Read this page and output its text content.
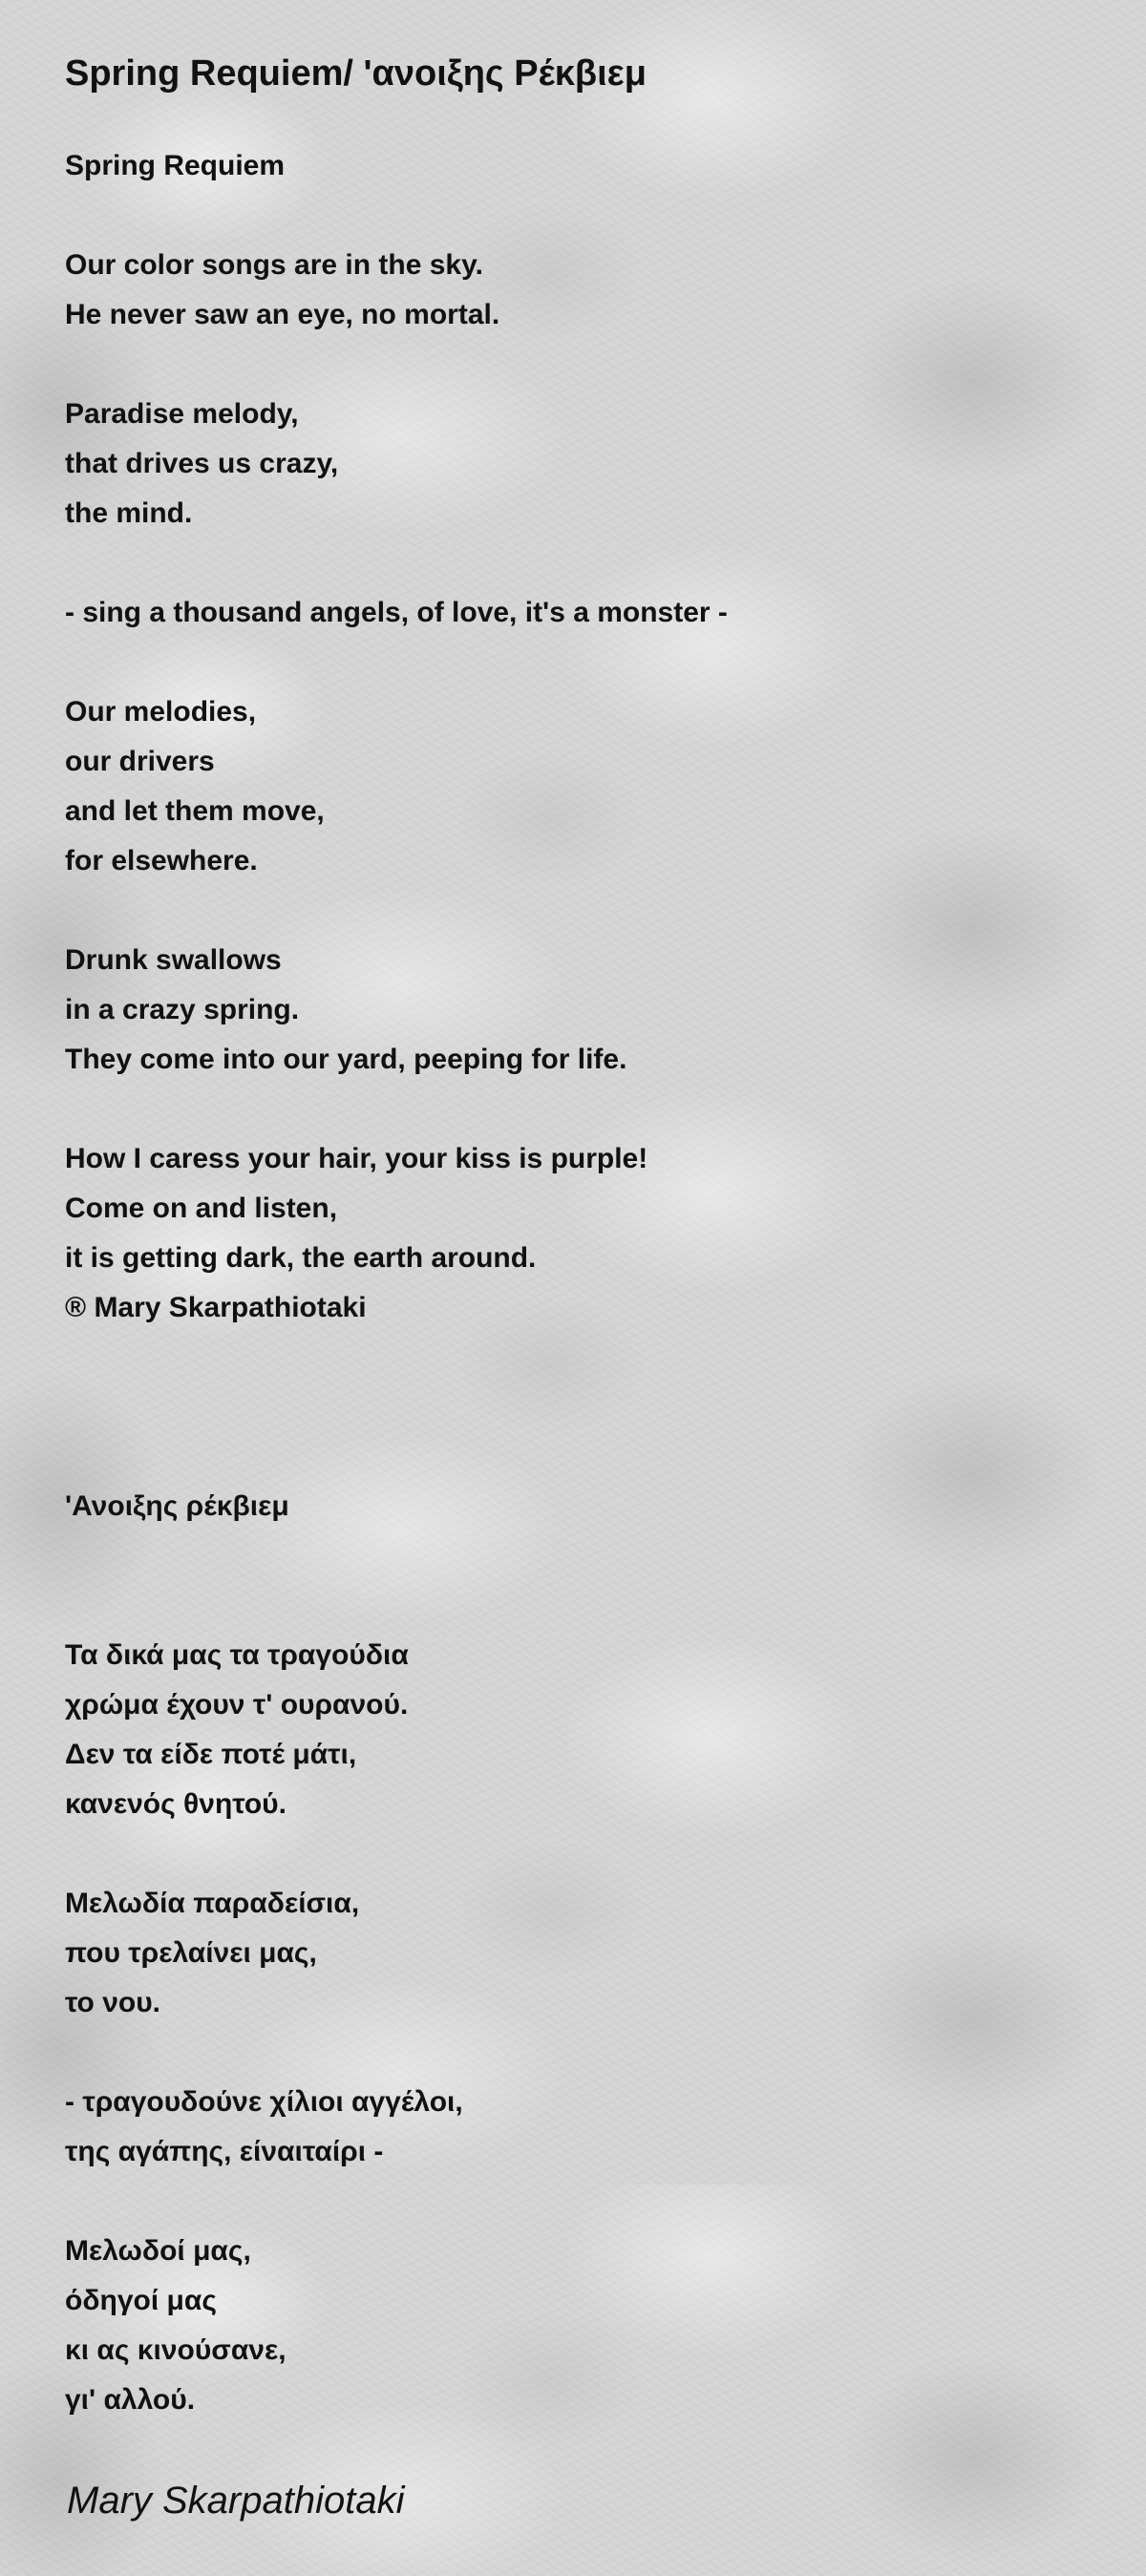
Spring Requiem/ 'ανοιξης Ρέκβιεμ
Spring Requiem
Our color songs are in the sky.
He never saw an eye, no mortal.
Paradise melody,
that drives us crazy,
the mind.
- sing a thousand angels, of love, it's a monster -
Our melodies,
our drivers
and let them move,
for elsewhere.
Drunk swallows
in a crazy spring.
They come into our yard, peeping for life.
How I caress your hair, your kiss is purple!
Come on and listen,
it is getting dark, the earth around.
® Mary Skarpathiotaki
'Ανοιξης ρέκβιεμ
Τα δικά μας τα τραγούδια
χρώμα έχουν τ' ουρανού.
Δεν τα είδε ποτέ μάτι,
κανενός θνητού.
Μελωδία παραδείσια,
που τρελαίνει μας,
το νου.
- τραγουδούνε χίλιοι αγγέλοι,
της αγάπης, είναιταίρι -
Μελωδοί μας,
όδηγοί μας
κι ας κινούσανε,
γι' αλλού.

Mary Skarpathiotaki
